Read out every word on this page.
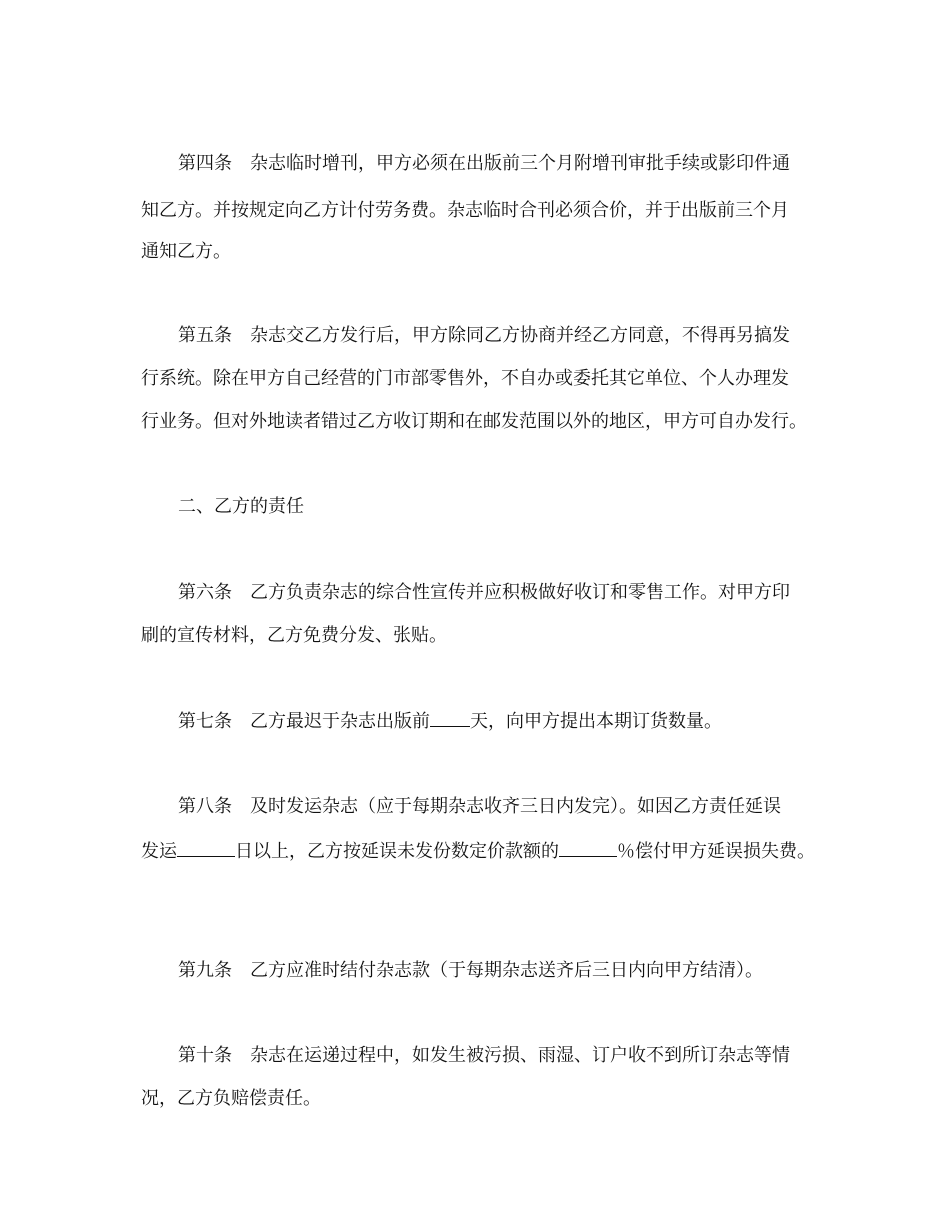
第四条　杂志临时增刊，甲方必须在出版前三个月附增刊审批手续或影印件通
知乙方。并按规定向乙方计付劳务费。杂志临时合刊必须合价，并于出版前三个月
通知乙方。
第五条　杂志交乙方发行后，甲方除同乙方协商并经乙方同意，不得再另搞发
行系统。除在甲方自己经营的门市部零售外，不自办或委托其它单位、个人办理发
行业务。但对外地读者错过乙方收订期和在邮发范围以外的地区，甲方可自办发行。
二、乙方的责任
第六条　乙方负责杂志的综合性宣传并应积极做好收订和零售工作。对甲方印
刷的宣传材料，乙方免费分发、张贴。
第七条　乙方最迟于杂志出版前 天，向甲方提出本期订货数量。
第八条　及时发运杂志（应于每期杂志收齐三日内发完）。如因乙方责任延误
发运	日以上，乙方按延误未发份数定价款额的	％偿付甲方延误损失费。
第九条　乙方应准时结付杂志款（于每期杂志送齐后三日内向甲方结清）。
第十条　杂志在运递过程中，如发生被污损、雨湿、订户收不到所订杂志等情
况，乙方负赔偿责任。
